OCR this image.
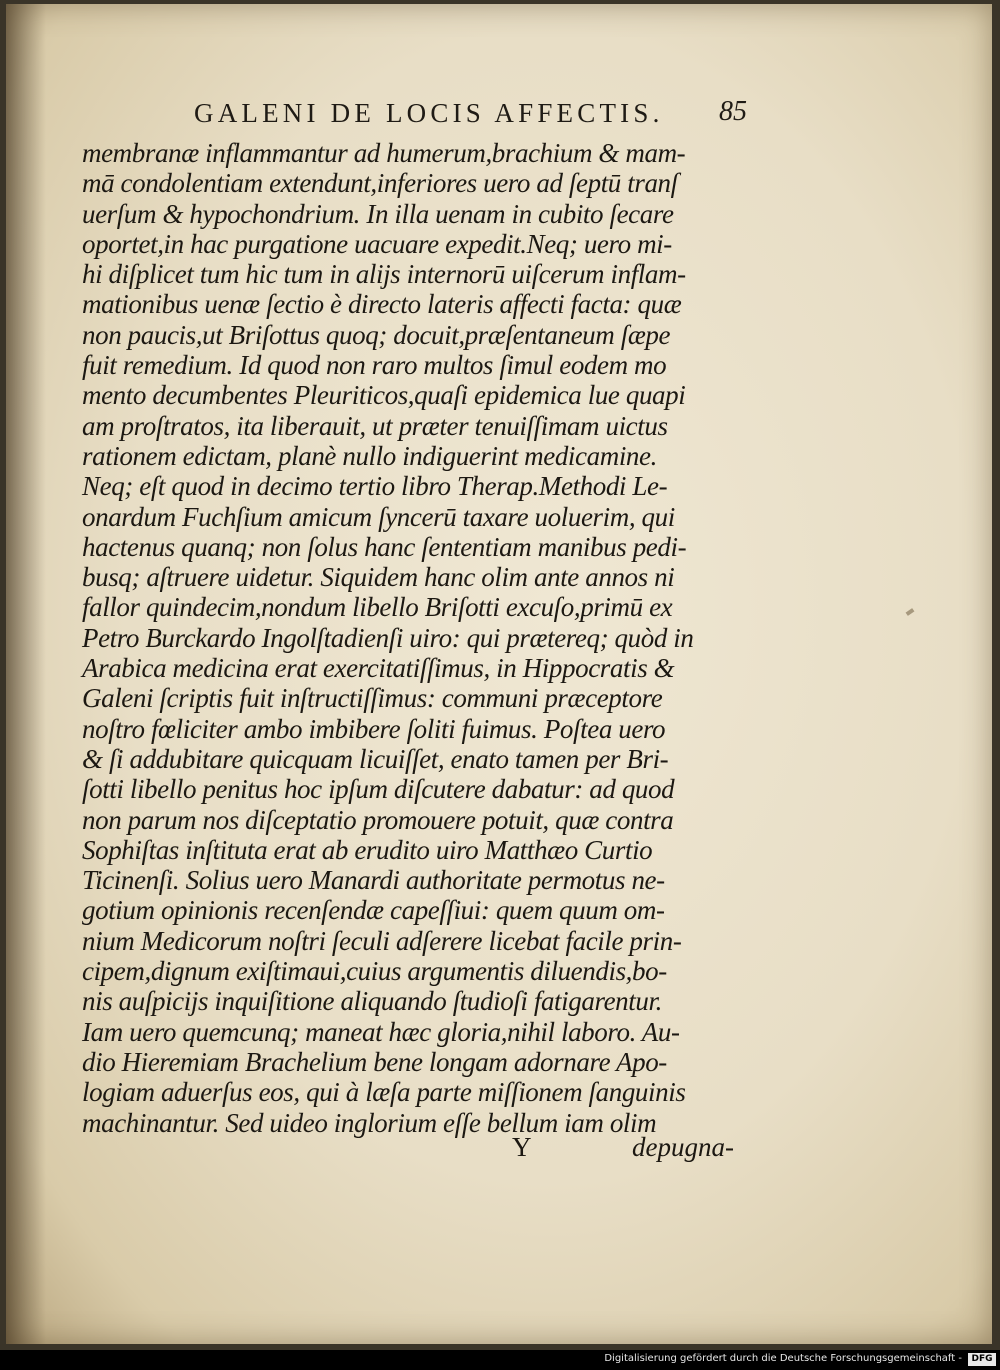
GALENI DE LOCIS AFFECTIS.	85
membranæ inflammantur ad humerum,brachium & mam-
mā condolentiam extendunt,inferiores uero ad ſeptū tranſ
uerſum & hypochondrium. In illa uenam in cubito ſecare
oportet,in hac purgatione uacuare expedit.Neq; uero mi-
hi diſplicet tum hic tum in alijs internorū uiſcerum inflam-
mationibus uenæ ſectio è directo lateris affecti facta: quæ
non paucis,ut Briſottus quoq; docuit,præſentaneum ſæpe
fuit remedium. Id quod non raro multos ſimul eodem mo
mento decumbentes Pleuriticos,quaſi epidemica lue quapi
am proſtratos, ita liberauit, ut præter tenuiſſimam uictus
rationem edictam, planè nullo indiguerint medicamine.
Neq; eſt quod in decimo tertio libro Therap.Methodi Le-
onardum Fuchſium amicum ſyncerū taxare uoluerim, qui
hactenus quanq; non ſolus hanc ſententiam manibus pedi-
busq; aſtruere uidetur. Siquidem hanc olim ante annos ni
fallor quindecim,nondum libello Briſotti excuſo,primū ex
Petro Burckardo Ingolſtadienſi uiro: qui prætereq; quòd in
Arabica medicina erat exercitatiſſimus, in Hippocratis &
Galeni ſcriptis fuit inſtructiſſimus: communi præceptore
noſtro fœliciter ambo imbibere ſoliti fuimus. Poſtea uero
& ſi addubitare quicquam licuiſſet, enato tamen per Bri-
ſotti libello penitus hoc ipſum diſcutere dabatur: ad quod
non parum nos diſceptatio promouere potuit, quæ contra
Sophiſtas inſtituta erat ab erudito uiro Matthæo Curtio
Ticinenſi. Solius uero Manardi authoritate permotus ne-
gotium opinionis recenſendæ capeſſiui: quem quum om-
nium Medicorum noſtri ſeculi adſerere licebat facile prin-
cipem,dignum exiſtimaui,cuius argumentis diluendis,bo-
nis auſpicijs inquiſitione aliquando ſtudioſi fatigarentur.
Iam uero quemcunq; maneat hæc gloria,nihil laboro. Au-
dio Hieremiam Brachelium bene longam adornare Apo-
logiam aduerſus eos, qui à læſa parte miſſionem ſanguinis
machinantur. Sed uideo inglorium eſſe bellum iam olim
Y	depugna-
Digitalisierung gefördert durch die Deutsche Forschungsgemeinschaft -	DFG
